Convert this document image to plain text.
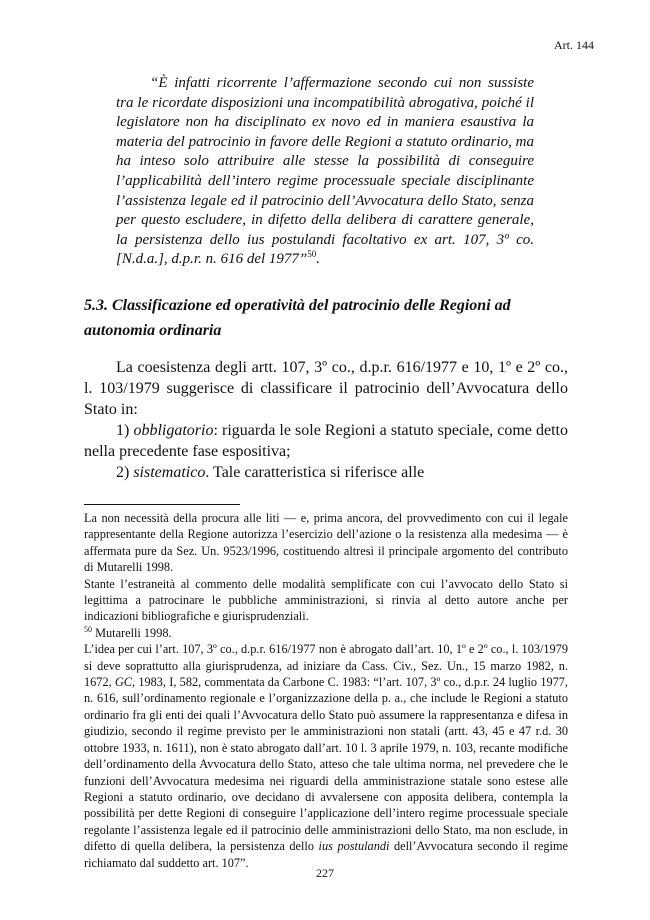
Art. 144

“È infatti ricorrente l’affermazione secondo cui non sussiste tra le ricordate disposizioni una incompatibilità abrogativa, poiché il legislatore non ha disciplinato ex novo ed in maniera esaustiva la materia del patrocinio in favore delle Regioni a statuto ordinario, ma ha inteso solo attribuire alle stesse la possibilità di conseguire l’applicabilità dell’intero regime processuale speciale disciplinante l’assistenza legale ed il patrocinio dell’Avvocatura dello Stato, senza per questo escludere, in difetto della delibera di carattere generale, la persistenza dello ius postulandi facoltativo ex art. 107, 3º co. [N.d.a.], d.p.r. n. 616 del 1977”$^{50}$.

5.3. Classificazione ed operatività del patrocinio delle Regioni ad autonomia ordinaria

La coesistenza degli artt. 107, 3º co., d.p.r. 616/1977 e 10, 1º e 2º co., l. 103/1979 suggerisce di classificare il patrocinio dell’Avvocatura dello Stato in:

1) obbligatorio: riguarda le sole Regioni a statuto speciale, come detto nella precedente fase espositiva;

2) sistematico. Tale caratteristica si riferisce alle

La non necessità della procura alle liti — e, prima ancora, del provvedimento con cui il legale rappresentante della Regione autorizza l’esercizio dell’azione o la resistenza alla medesima — è affermata pure da Sez. Un. 9523/1996, costituendo altresì il principale argomento del contributo di Mutarelli 1998.

Stante l’estraneità al commento delle modalità semplificate con cui l’avvocato dello Stato si legittima a patrocinare le pubbliche amministrazioni, si rinvia al detto autore anche per indicazioni bibliografiche e giurisprudenziali.

$^{50}$ Mutarelli 1998.

L’idea per cui l’art. 107, 3º co., d.p.r. 616/1977 non è abrogato dall’art. 10, 1º e 2º co., l. 103/1979 si deve soprattutto alla giurisprudenza, ad iniziare da Cass. Civ., Sez. Un., 15 marzo 1982, n. 1672, GC, 1983, I, 582, commentata da Carbone C. 1983: “l’art. 107, 3º co., d.p.r. 24 luglio 1977, n. 616, sull’ordinamento regionale e l’organizzazione della p. a., che include le Regioni a statuto ordinario fra gli enti dei quali l’Avvocatura dello Stato può assumere la rappresentanza e difesa in giudizio, secondo il regime previsto per le amministrazioni non statali (artt. 43, 45 e 47 r.d. 30 ottobre 1933, n. 1611), non è stato abrogato dall’art. 10 l. 3 aprile 1979, n. 103, recante modifiche dell’ordinamento della Avvocatura dello Stato, atteso che tale ultima norma, nel prevedere che le funzioni dell’Avvocatura medesima nei riguardi della amministrazione statale sono estese alle Regioni a statuto ordinario, ove decidano di avvalersene con apposita delibera, contempla la possibilità per dette Regioni di conseguire l’applicazione dell’intero regime processuale speciale regolante l’assistenza legale ed il patrocinio delle amministrazioni dello Stato, ma non esclude, in difetto di quella delibera, la persistenza dello ius postulandi dell’Avvocatura secondo il regime richiamato dal suddetto art. 107”.

227
